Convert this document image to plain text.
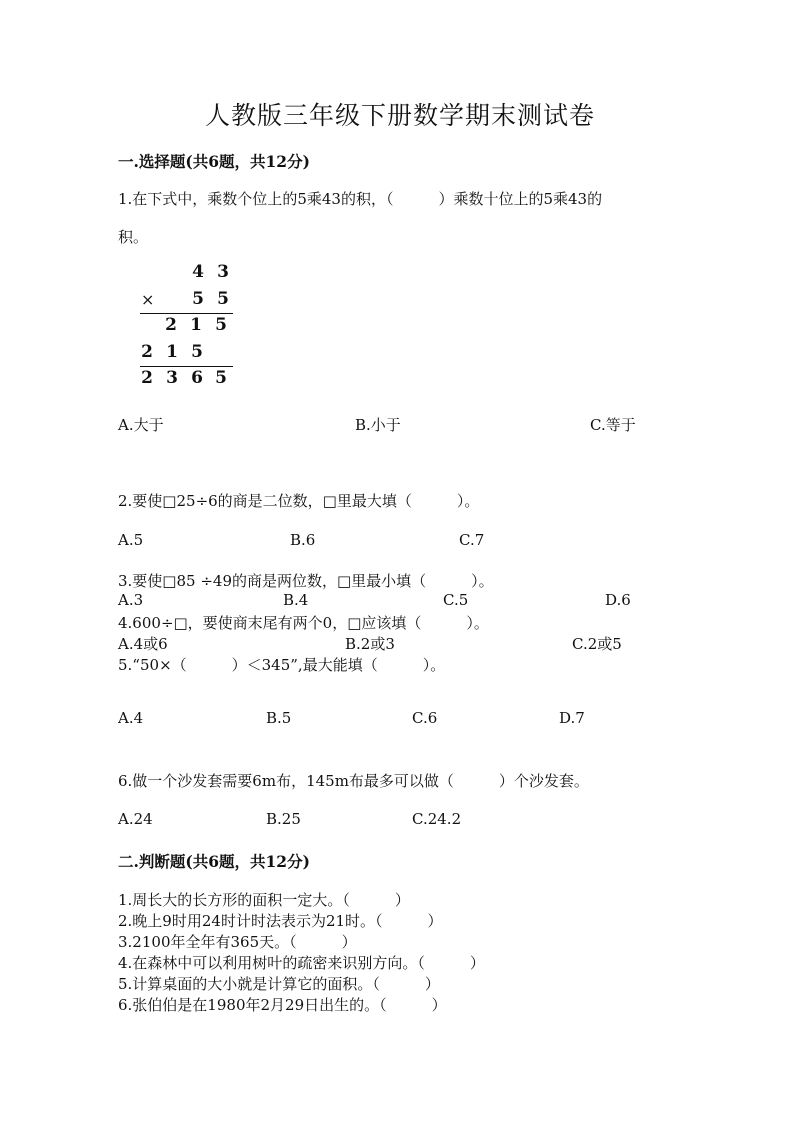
人教版三年级下册数学期末测试卷
一.选择题(共6题，共12分)
1.在下式中，乘数个位上的5乘43的积，（　　　）乘数十位上的5乘43的
积。
4 3
× 5 5
2 1 5
2 1 5
2 3 6 5
A.大于	B.小于	C.等于
2.要使□25÷6的商是二位数，□里最大填（　　　）。
A.5	B.6	C.7
3.要使□85 ÷49的商是两位数，□里最小填（　　　）。
A.3	B.4	C.5	D.6
4.600÷□，要使商末尾有两个0，□应该填（　　　）。
A.4或6	B.2或3	C.2或5
5.“50×（　　　）＜345”,最大能填（　　　）。
A.4	B.5	C.6	D.7
6.做一个沙发套需要6m布，145m布最多可以做（　　　）个沙发套。
A.24	B.25	C.24.2
二.判断题(共6题，共12分)
1.周长大的长方形的面积一定大。（　　　）
2.晚上9时用24时计时法表示为21时。（　　　）
3.2100年全年有365天。（　　　）
4.在森林中可以利用树叶的疏密来识别方向。（　　　）
5.计算桌面的大小就是计算它的面积。（　　　）
6.张伯伯是在1980年2月29日出生的。（　　　）
